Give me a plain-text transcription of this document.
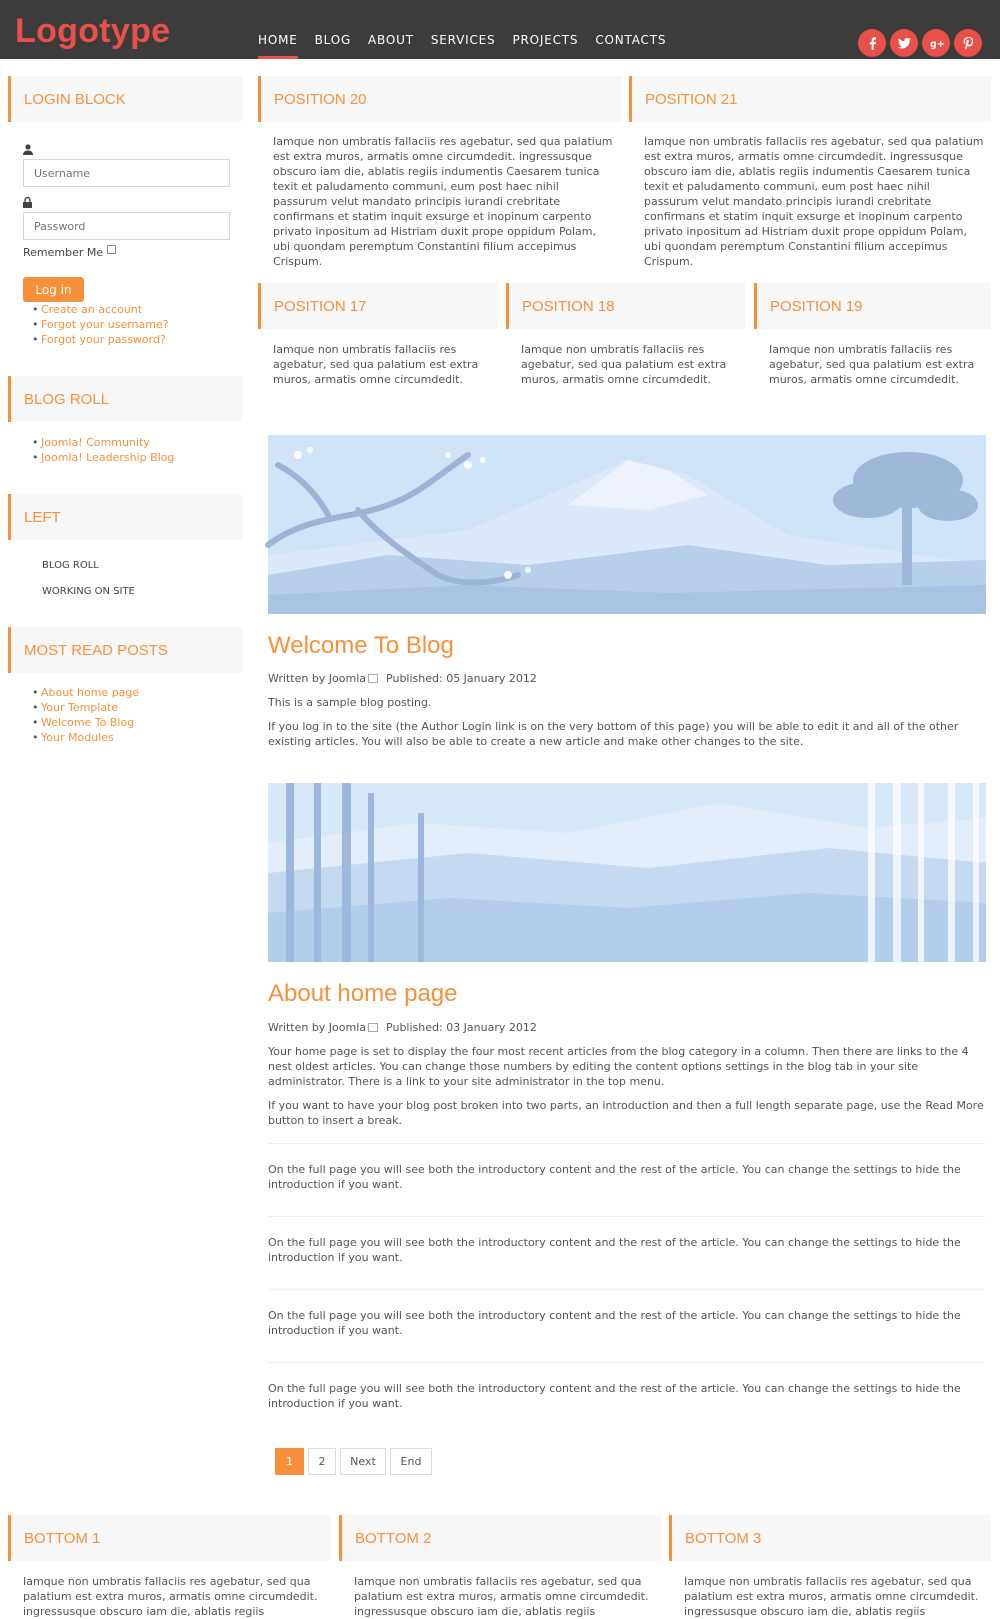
Logotype	HOME BLOG ABOUT SERVICES PROJECTS CONTACTS	g+
LOGIN BLOCK
Username
Password
Remember Me
Log in
• Create an account
• Forgot your username?
• Forgot your password?
BLOG ROLL
• Joomla! Community
• Joomla! Leadership Blog
LEFT
BLOG ROLL
WORKING ON SITE
MOST READ POSTS
• About home page
• Your Template
• Welcome To Blog
• Your Modules
POSITION 20
Iamque non umbratis fallaciis res agebatur, sed qua palatium est extra muros, armatis omne circumdedit. ingressusque obscuro iam die, ablatis regiis indumentis Caesarem tunica texit et paludamento communi, eum post haec nihil passurum velut mandato principis iurandi crebritate confirmans et statim inquit exsurge et inopinum carpento privato inpositum ad Histriam duxit prope oppidum Polam, ubi quondam peremptum Constantini filium accepimus Crispum.
POSITION 21
Iamque non umbratis fallaciis res agebatur, sed qua palatium est extra muros, armatis omne circumdedit. ingressusque obscuro iam die, ablatis regiis indumentis Caesarem tunica texit et paludamento communi, eum post haec nihil passurum velut mandato principis iurandi crebritate confirmans et statim inquit exsurge et inopinum carpento privato inpositum ad Histriam duxit prope oppidum Polam, ubi quondam peremptum Constantini filium accepimus Crispum.
POSITION 17
Iamque non umbratis fallaciis res agebatur, sed qua palatium est extra muros, armatis omne circumdedit.
POSITION 18
Iamque non umbratis fallaciis res agebatur, sed qua palatium est extra muros, armatis omne circumdedit.
POSITION 19
Iamque non umbratis fallaciis res agebatur, sed qua palatium est extra muros, armatis omne circumdedit.
Welcome To Blog
Written by Joomla Published: 05 January 2012

This is a sample blog posting.

If you log in to the site (the Author Login link is on the very bottom of this page) you will be able to edit it and all of the other existing articles. You will also be able to create a new article and make other changes to the site.

About home page
Written by Joomla Published: 03 January 2012

Your home page is set to display the four most recent articles from the blog category in a column. Then there are links to the 4 nest oldest articles. You can change those numbers by editing the content options settings in the blog tab in your site administrator. There is a link to your site administrator in the top menu.

If you want to have your blog post broken into two parts, an introduction and then a full length separate page, use the Read More button to insert a break.

On the full page you will see both the introductory content and the rest of the article. You can change the settings to hide the introduction if you want.
On the full page you will see both the introductory content and the rest of the article. You can change the settings to hide the introduction if you want.
On the full page you will see both the introductory content and the rest of the article. You can change the settings to hide the introduction if you want.
On the full page you will see both the introductory content and the rest of the article. You can change the settings to hide the introduction if you want.
1	2	Next	End
BOTTOM 1
Iamque non umbratis fallaciis res agebatur, sed qua palatium est extra muros, armatis omne circumdedit. ingressusque obscuro iam die, ablatis regiis
BOTTOM 2
Iamque non umbratis fallaciis res agebatur, sed qua palatium est extra muros, armatis omne circumdedit. ingressusque obscuro iam die, ablatis regiis
BOTTOM 3
Iamque non umbratis fallaciis res agebatur, sed qua palatium est extra muros, armatis omne circumdedit. ingressusque obscuro iam die, ablatis regiis
